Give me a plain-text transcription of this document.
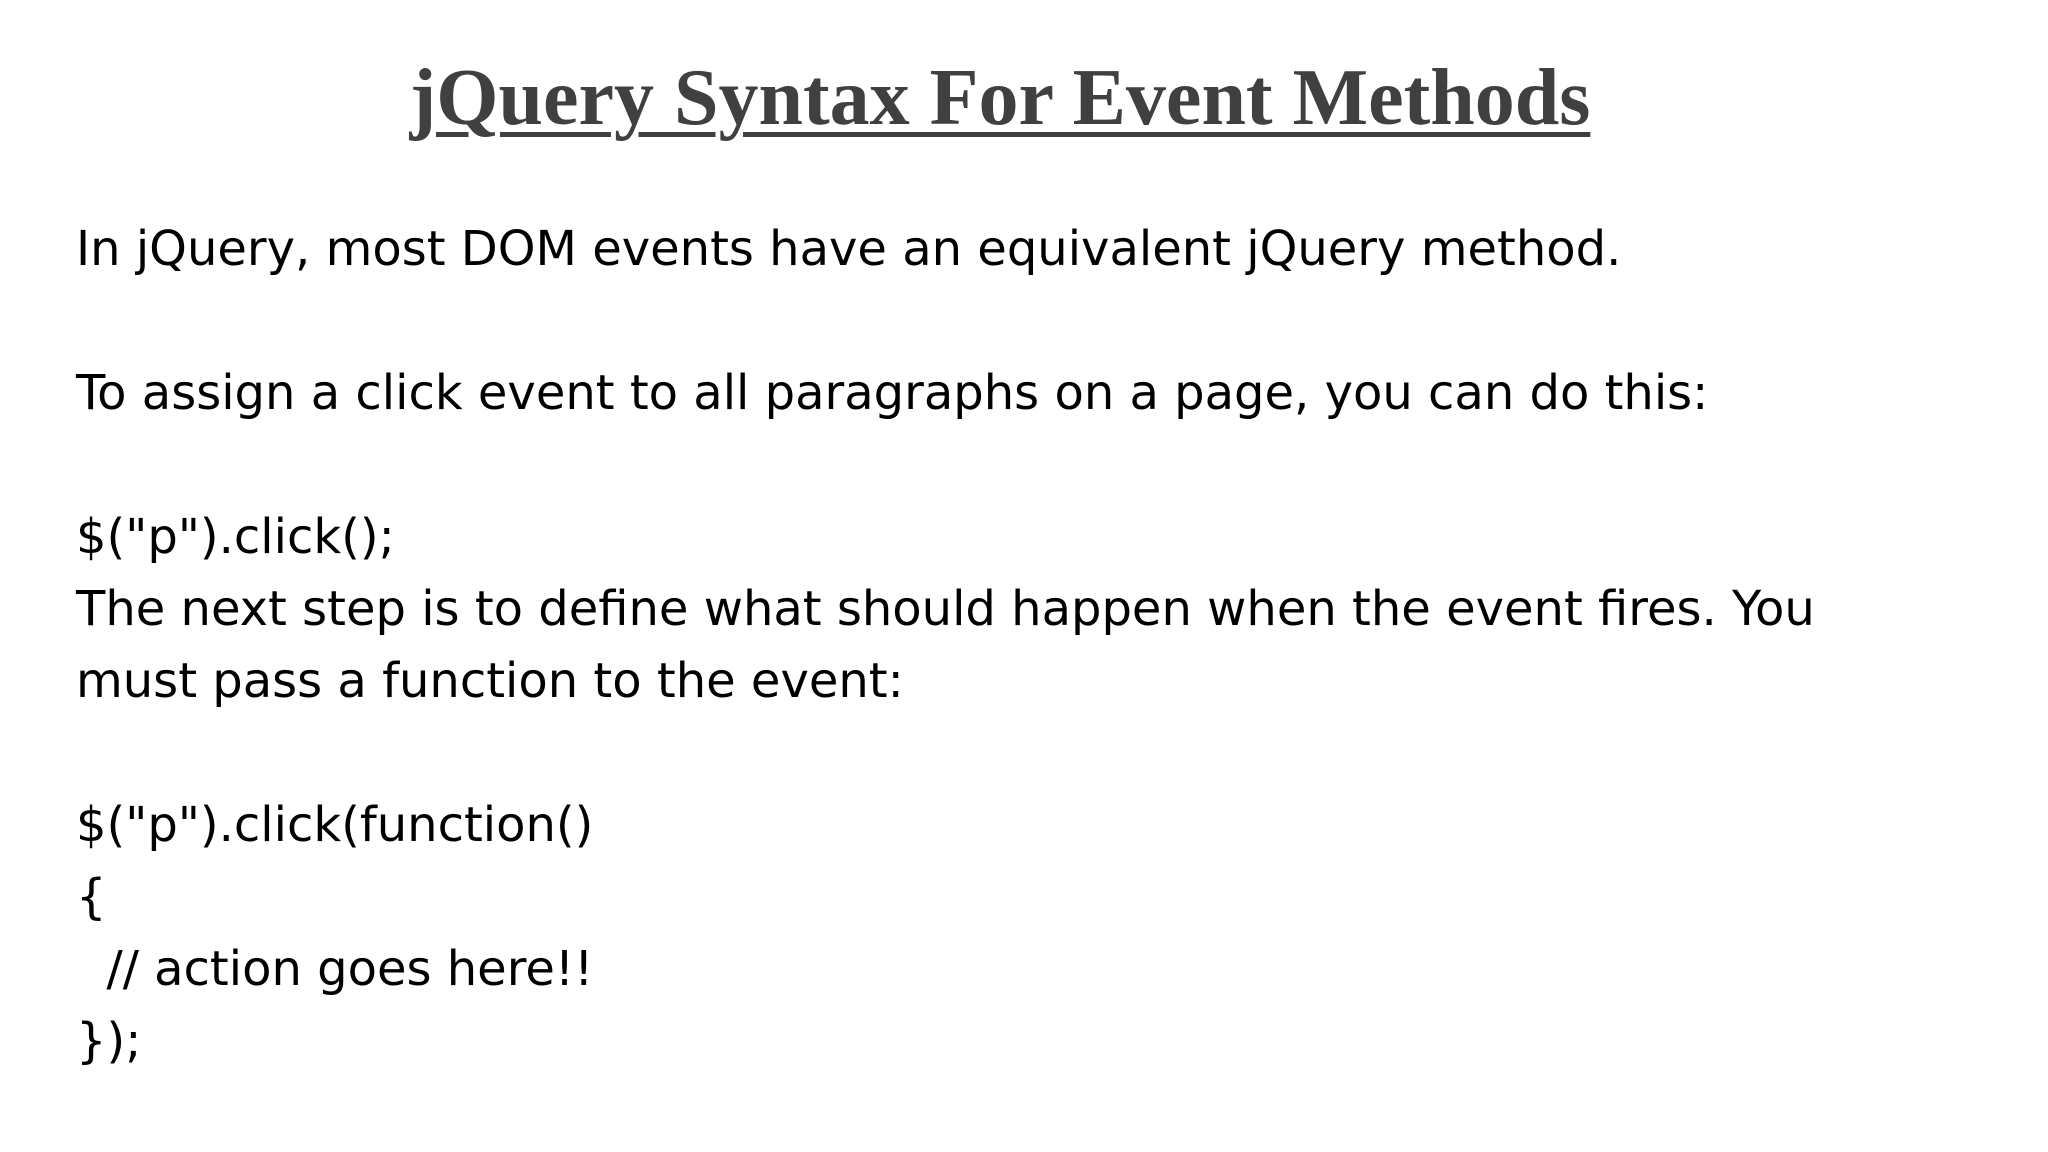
jQuery Syntax For Event Methods
In jQuery, most DOM events have an equivalent jQuery method.
To assign a click event to all paragraphs on a page, you can do this:
$("p").click();
The next step is to define what should happen when the event fires. You
must pass a function to the event:
$("p").click(function()
{
// action goes here!!
});
